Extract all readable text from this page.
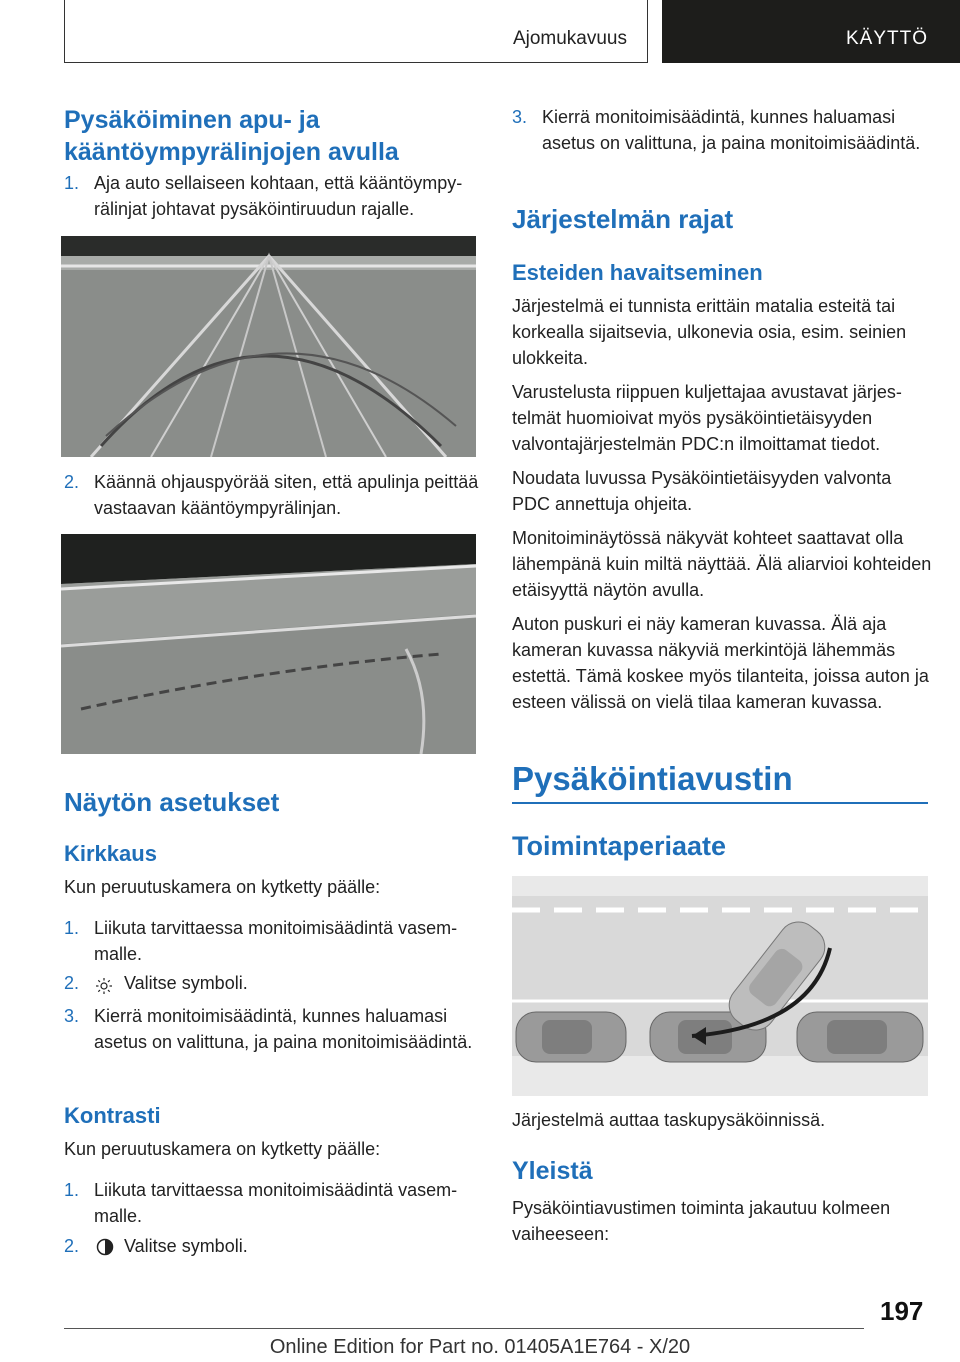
Ajomukavuus	KÄYTTÖ
Pysäköiminen apu- ja kääntöympyrälinjojen avulla
1. Aja auto sellaiseen kohtaan, että kääntöympyrälinjat johtavat pysäköintiruudun rajalle.
2. Käännä ohjauspyörää siten, että apulinja peittää vastaavan kääntöympyrälinjan.
Näytön asetukset
Kirkkaus
Kun peruutuskamera on kytketty päälle:
1. Liikuta tarvittaessa monitoimisäädintä vasemmalle.
2. Valitse symboli.
3. Kierrä monitoimisäädintä, kunnes haluamasi asetus on valittuna, ja paina monitoimisäädintä.
Kontrasti
Kun peruutuskamera on kytketty päälle:
1. Liikuta tarvittaessa monitoimisäädintä vasemmalle.
2. Valitse symboli.
3. Kierrä monitoimisäädintä, kunnes haluamasi asetus on valittuna, ja paina monitoimisäädintä.
Järjestelmän rajat
Esteiden havaitseminen

Järjestelmä ei tunnista erittäin matalia esteitä tai korkealla sijaitsevia, ulkonevia osia, esim. seinien ulokkeita.

Varustelusta riippuen kuljettajaa avustavat järjestelmät huomioivat myös pysäköintietäisyyden valvontajärjestelmän PDC:n ilmoittamat tiedot.

Noudata luvussa Pysäköintietäisyyden valvonta PDC annettuja ohjeita.

Monitoiminäytössä näkyvät kohteet saattavat olla lähempänä kuin miltä näyttää. Älä aliarvioi kohteiden etäisyyttä näytön avulla.

Auton puskuri ei näy kameran kuvassa. Älä aja kameran kuvassa näkyviä merkintöjä lähemmäs estettä. Tämä koskee myös tilanteita, joissa auton ja esteen välissä on vielä tilaa kameran kuvassa.

Pysäköintiavustin
Toimintaperiaate
Järjestelmä auttaa taskupysäköinnissä.
Yleistä
Pysäköintiavustimen toiminta jakautuu kolmeen vaiheeseen:
197
Online Edition for Part no. 01405A1E764 - X/20
